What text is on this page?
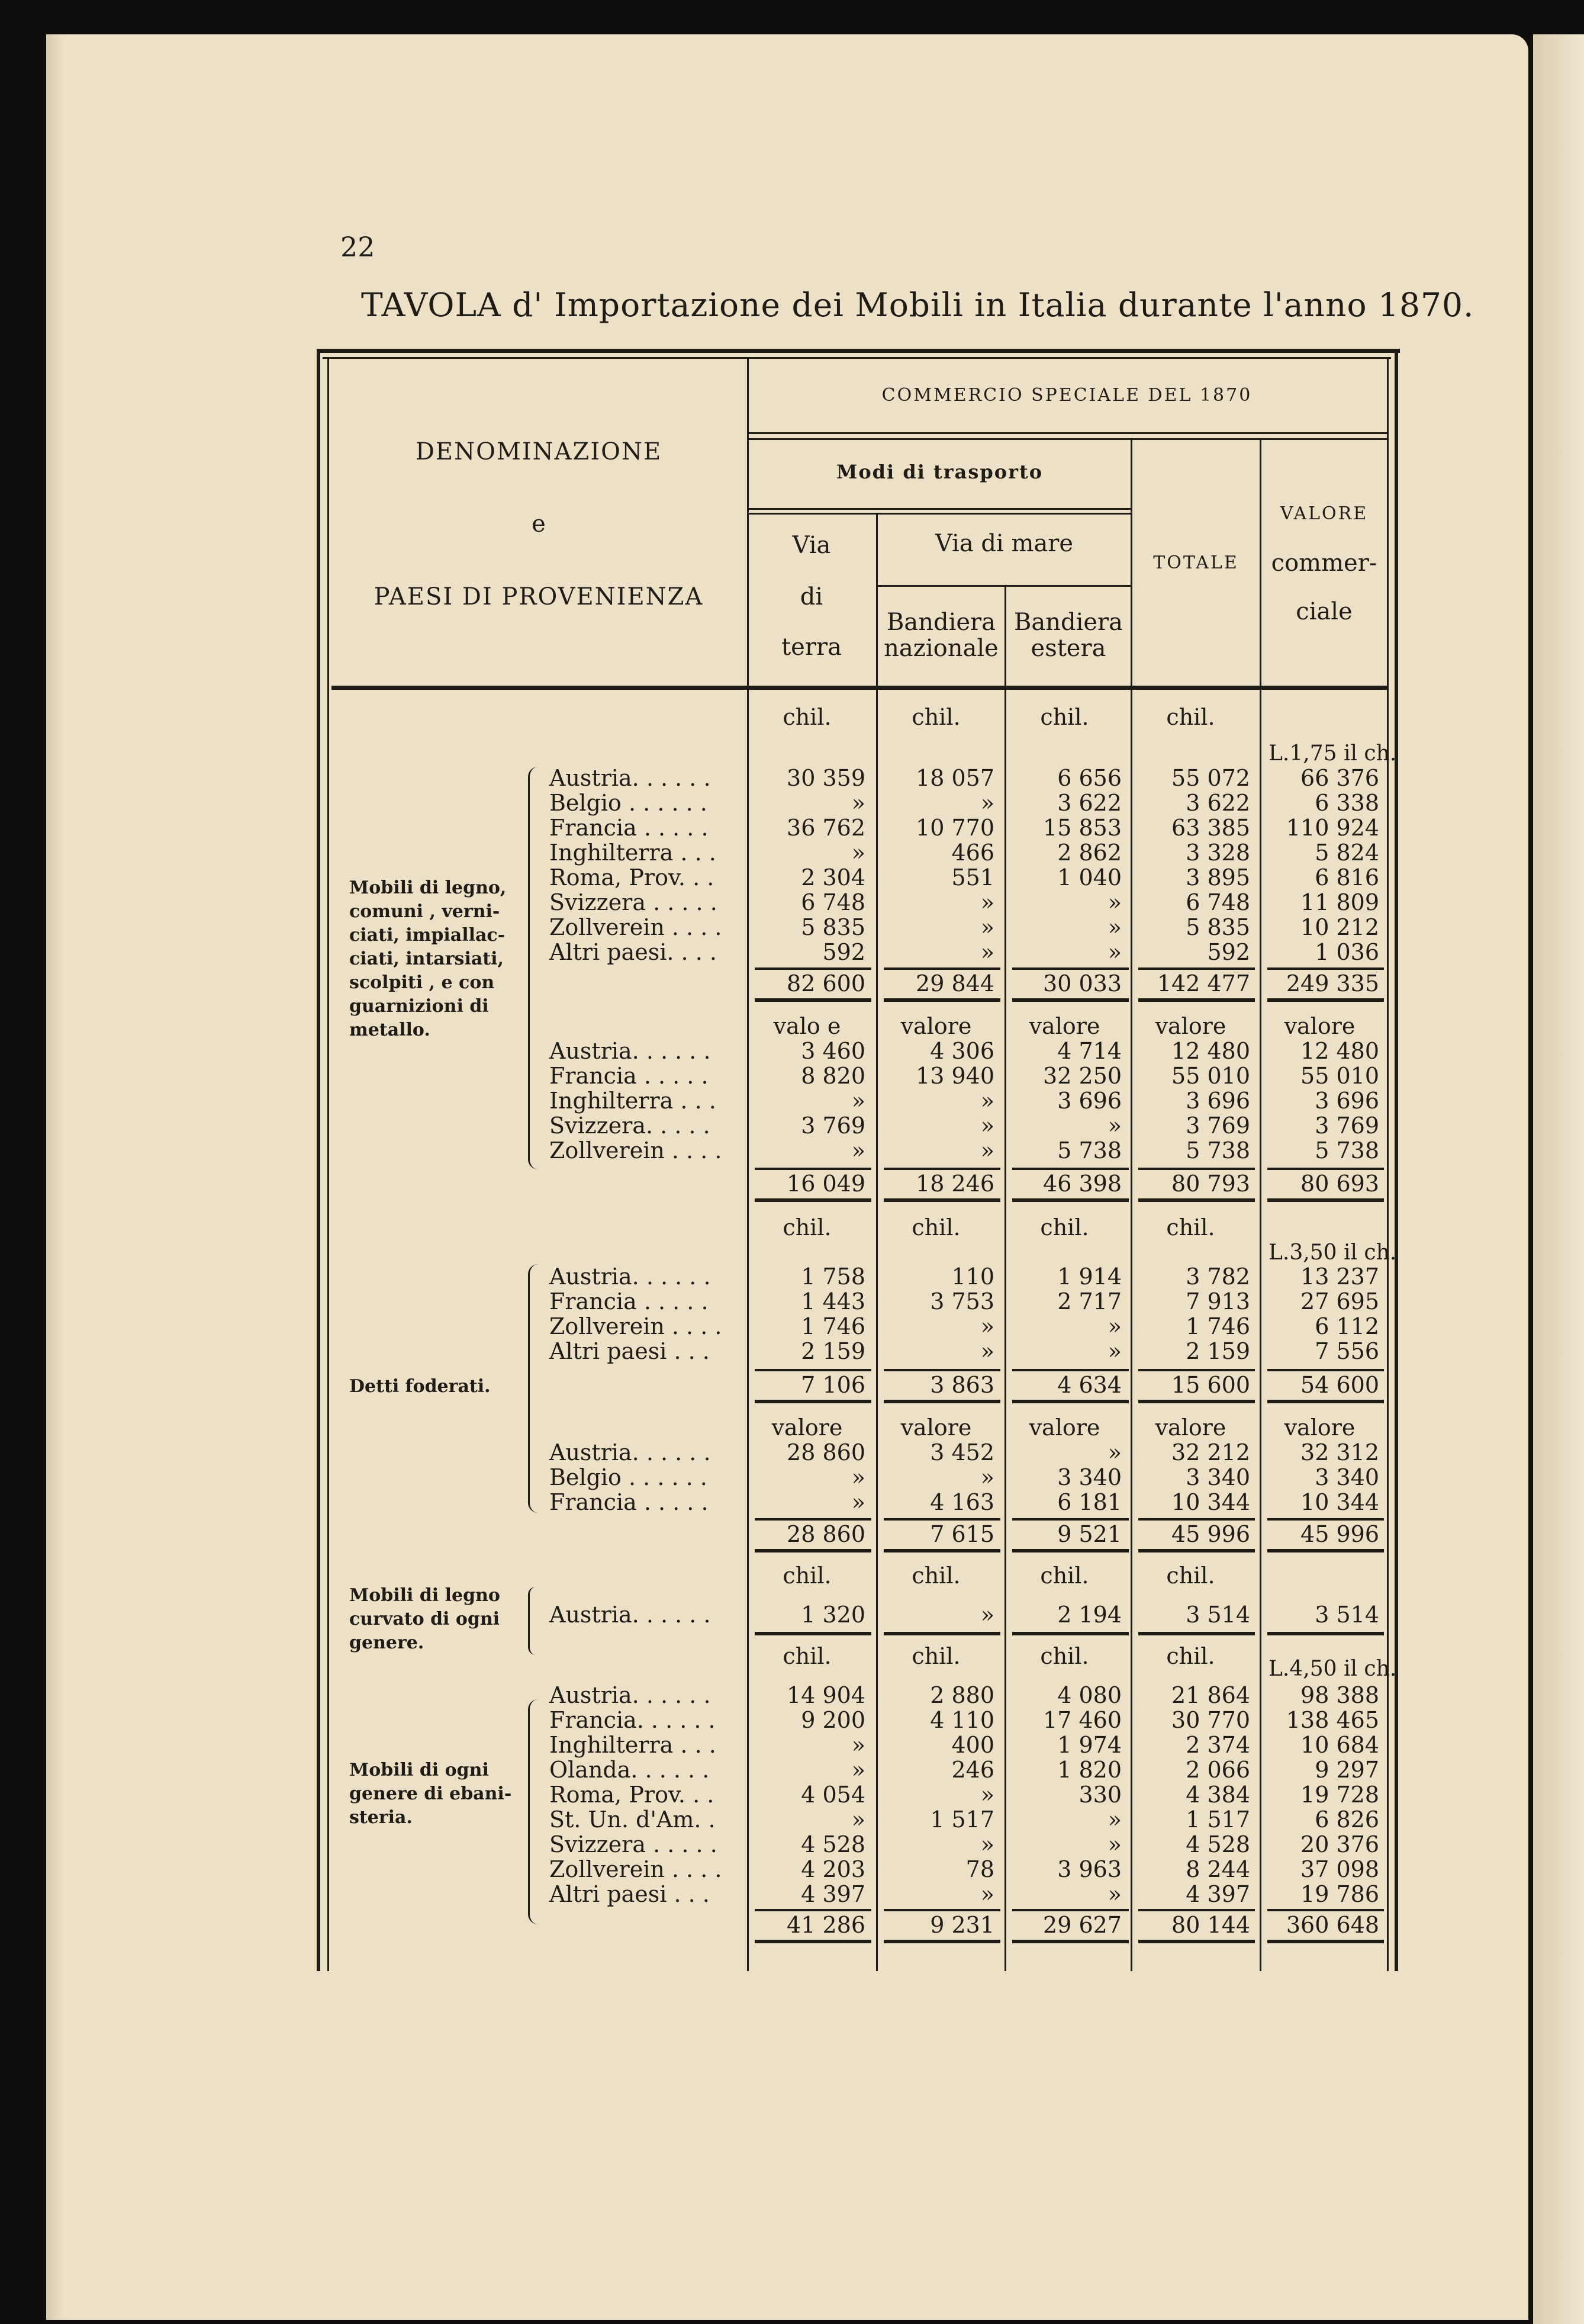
22
TAVOLA d' Importazione dei Mobili in Italia durante l'anno 1870.
DENOMINAZIONE
e
PAESI DI PROVENIENZA
COMMERCIO SPECIALE DEL 1870
Modi di trasporto
Via
di
terra
Via di mare
Bandiera
nazionale
Bandiera
estera
TOTALE
VALORE
commer-
ciale
Mobili di legno,
comuni , verni-
ciati, impiallac-
ciati, intarsiati,
scolpiti , e con
guarnizioni di
metallo.
Detti foderati.
Mobili di legno
curvato di ogni
genere.
Mobili di ogni
genere di ebani-
steria.
chil.	chil.	chil.	chil.
L.1,75 il ch.
Austria. . . . . .	30 359	18 057	6 656	55 072	66 376
Belgio . . . . . .	»	»	3 622	3 622	6 338
Francia . . . . .	36 762	10 770	15 853	63 385	110 924
Inghilterra . . .	»	466	2 862	3 328	5 824
Roma, Prov. . .	2 304	551	1 040	3 895	6 816
Svizzera . . . . .	6 748	»	»	6 748	11 809
Zollverein . . . .	5 835	»	»	5 835	10 212
Altri paesi. . . .	592	»	»	592	1 036
82 600	29 844	30 033	142 477	249 335
valo e	valore	valore	valore	valore
Austria. . . . . .	3 460	4 306	4 714	12 480	12 480
Francia . . . . .	8 820	13 940	32 250	55 010	55 010
Inghilterra . . .	»	»	3 696	3 696	3 696
Svizzera. . . . .	3 769	»	»	3 769	3 769
Zollverein . . . .	»	»	5 738	5 738	5 738
16 049	18 246	46 398	80 793	80 693
chil.	chil.	chil.	chil.
L.3,50 il ch.
Austria. . . . . .	1 758	110	1 914	3 782	13 237
Francia . . . . .	1 443	3 753	2 717	7 913	27 695
Zollverein . . . .	1 746	»	»	1 746	6 112
Altri paesi . . .	2 159	»	»	2 159	7 556
7 106	3 863	4 634	15 600	54 600
valore	valore	valore	valore	valore
Austria. . . . . .	28 860	3 452	»	32 212	32 312
Belgio . . . . . .	»	»	3 340	3 340	3 340
Francia . . . . .	»	4 163	6 181	10 344	10 344
28 860	7 615	9 521	45 996	45 996
chil.	chil.	chil.	chil.
Austria. . . . . .	1 320	»	2 194	3 514	3 514
chil.	chil.	chil.	chil.	L.4,50 il ch.
Austria. . . . . .	14 904	2 880	4 080	21 864	98 388
Francia. . . . . .	9 200	4 110	17 460	30 770	138 465
Inghilterra . . .	»	400	1 974	2 374	10 684
Olanda. . . . . .	»	246	1 820	2 066	9 297
Roma, Prov. . .	4 054	»	330	4 384	19 728
St. Un. d'Am. .	»	1 517	»	1 517	6 826
Svizzera . . . . .	4 528	»	»	4 528	20 376
Zollverein . . . .	4 203	78	3 963	8 244	37 098
Altri paesi . . .	4 397	»	»	4 397	19 786
41 286	9 231	29 627	80 144	360 648
